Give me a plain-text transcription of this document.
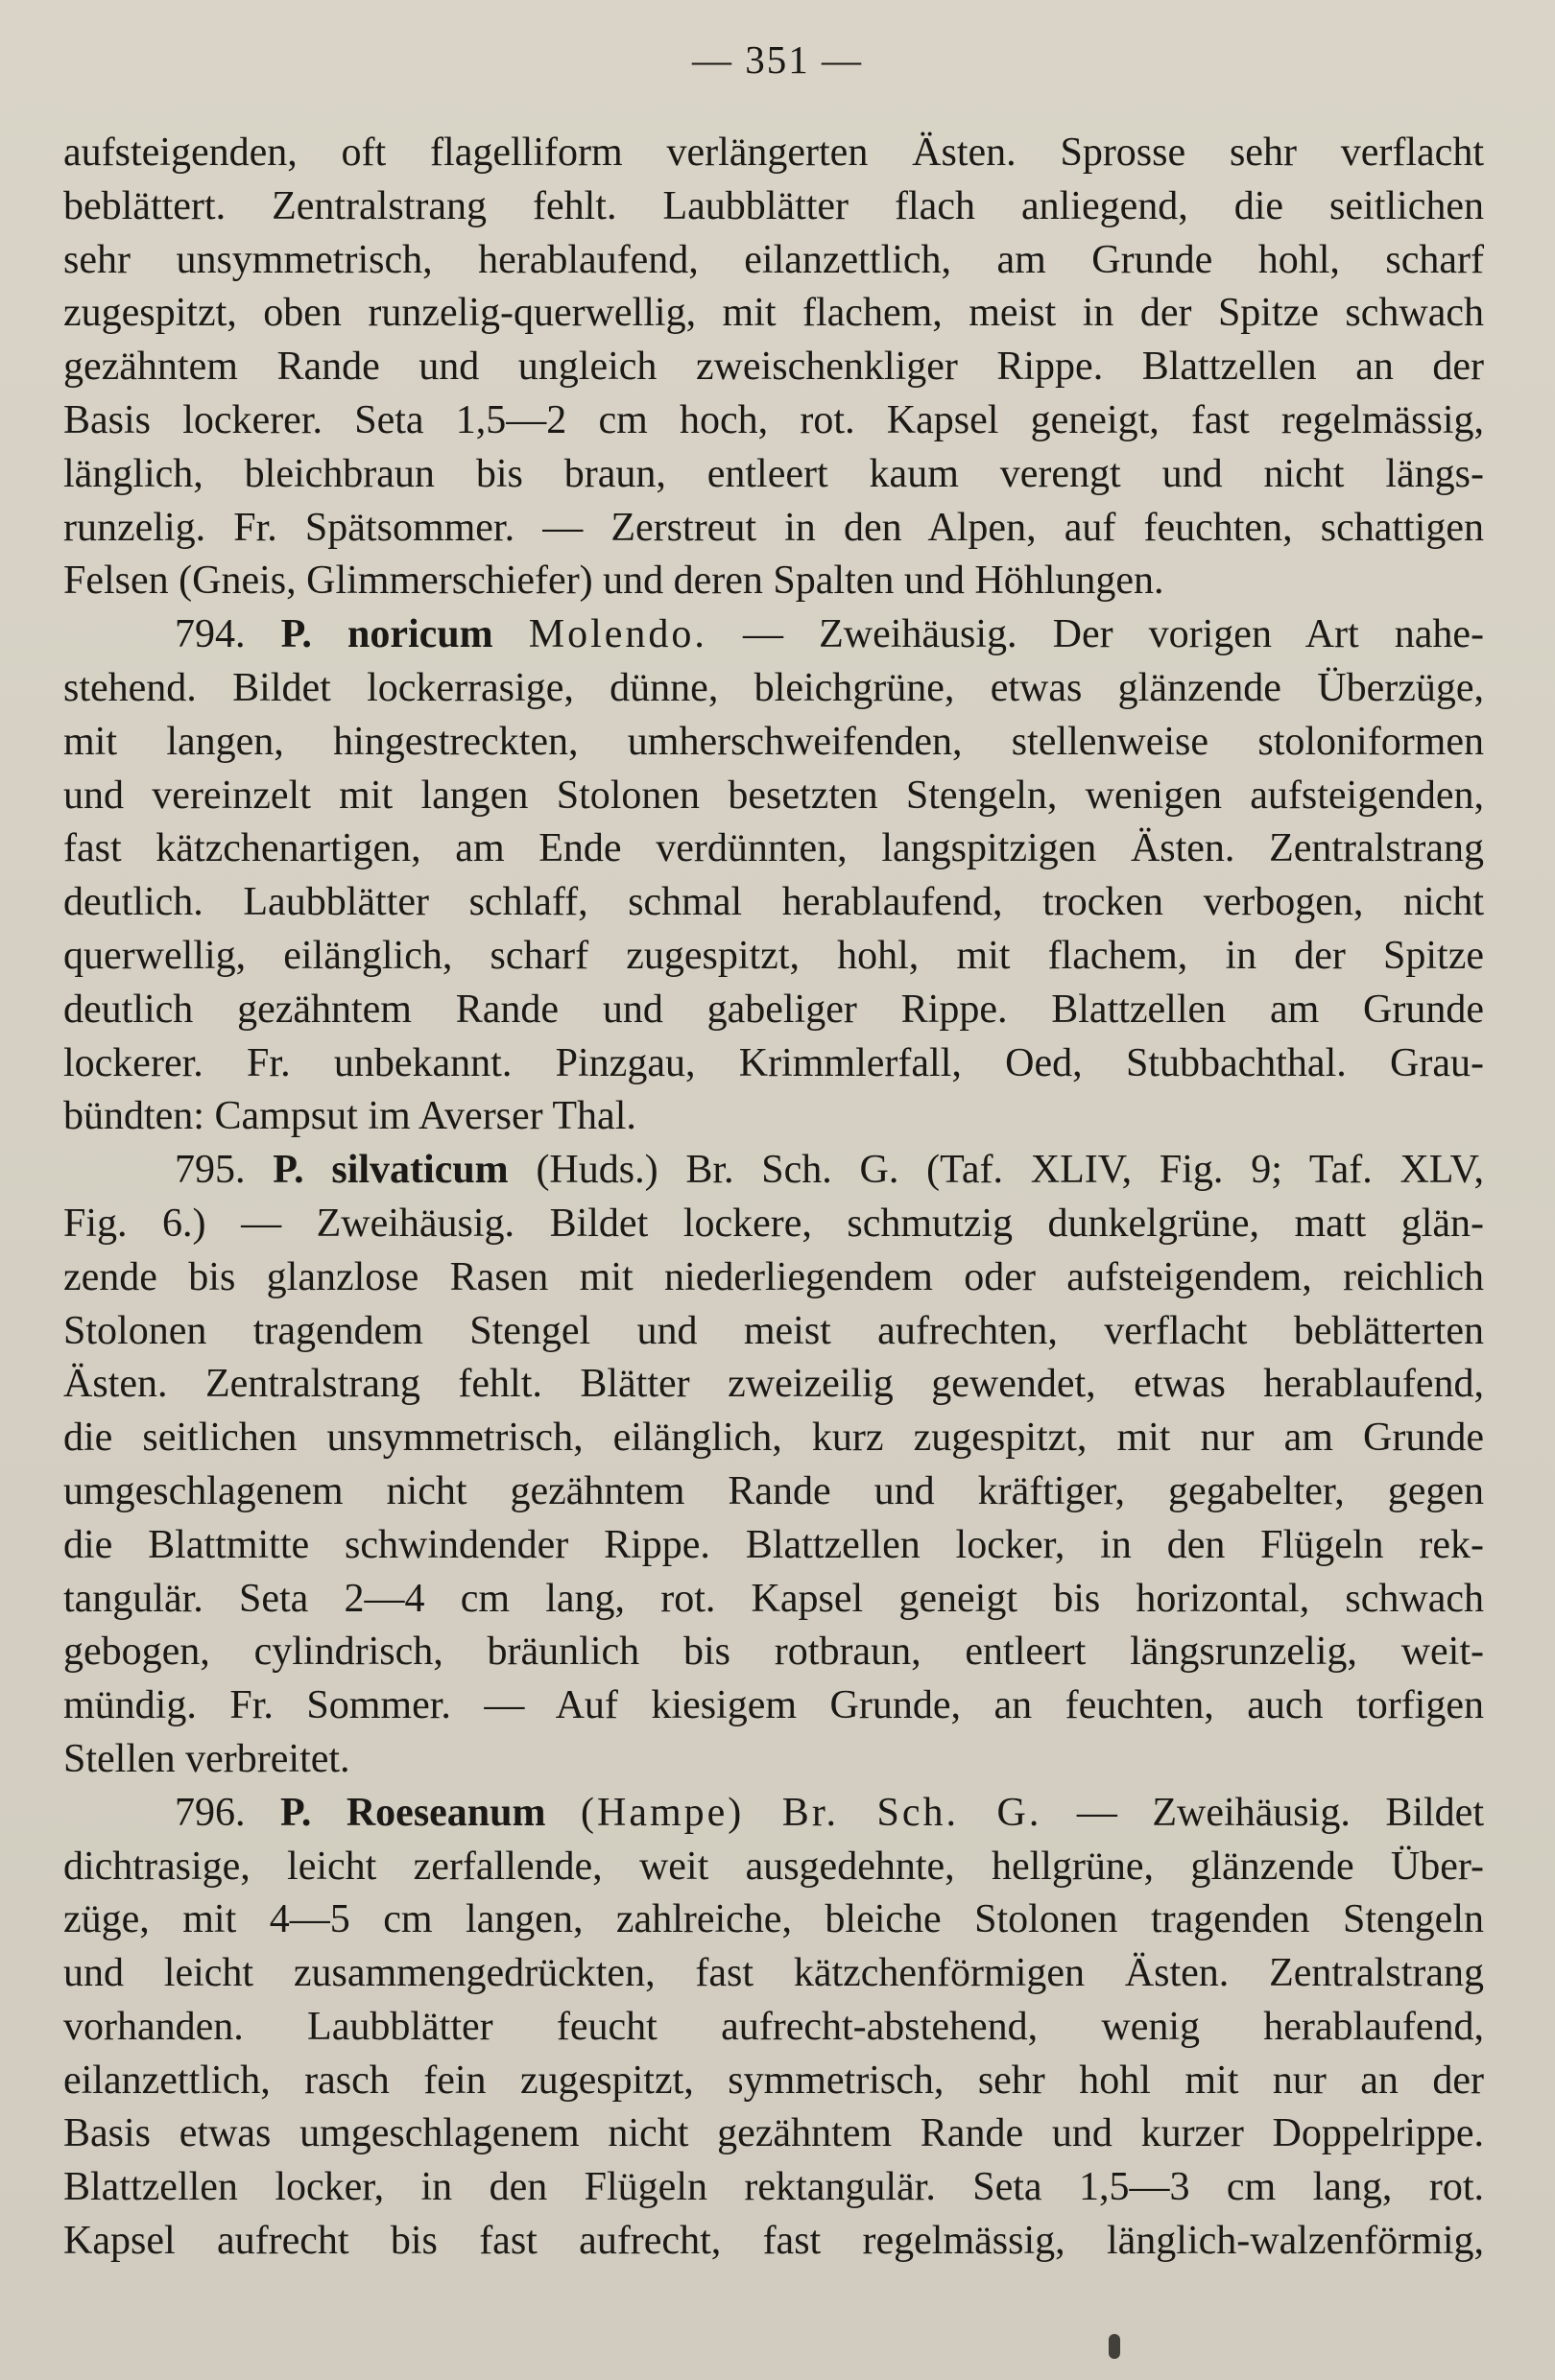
— 351 —
aufsteigenden, oft flagelliform verlängerten Ästen. Sprosse sehr verflacht
beblättert. Zentralstrang fehlt. Laubblätter flach anliegend, die seitlichen
sehr unsymmetrisch, herablaufend, eilanzettlich, am Grunde hohl, scharf
zugespitzt, oben runzelig-querwellig, mit flachem, meist in der Spitze schwach
gezähntem Rande und ungleich zweischenkliger Rippe. Blattzellen an der
Basis lockerer. Seta 1,5—2 cm hoch, rot. Kapsel geneigt, fast regelmässig,
länglich, bleichbraun bis braun, entleert kaum verengt und nicht längs-
runzelig. Fr. Spätsommer. — Zerstreut in den Alpen, auf feuchten, schattigen
Felsen (Gneis, Glimmerschiefer) und deren Spalten und Höhlungen.
794. P. noricum Molendo. — Zweihäusig. Der vorigen Art nahe-
stehend. Bildet lockerrasige, dünne, bleichgrüne, etwas glänzende Überzüge,
mit langen, hingestreckten, umherschweifenden, stellenweise stoloniformen
und vereinzelt mit langen Stolonen besetzten Stengeln, wenigen aufsteigenden,
fast kätzchenartigen, am Ende verdünnten, langspitzigen Ästen. Zentralstrang
deutlich. Laubblätter schlaff, schmal herablaufend, trocken verbogen, nicht
querwellig, eilänglich, scharf zugespitzt, hohl, mit flachem, in der Spitze
deutlich gezähntem Rande und gabeliger Rippe. Blattzellen am Grunde
lockerer. Fr. unbekannt. Pinzgau, Krimmlerfall, Oed, Stubbachthal. Grau-
bündten: Campsut im Averser Thal.
795. P. silvaticum (Huds.) Br. Sch. G. (Taf. XLIV, Fig. 9; Taf. XLV,
Fig. 6.) — Zweihäusig. Bildet lockere, schmutzig dunkelgrüne, matt glän-
zende bis glanzlose Rasen mit niederliegendem oder aufsteigendem, reichlich
Stolonen tragendem Stengel und meist aufrechten, verflacht beblätterten
Ästen. Zentralstrang fehlt. Blätter zweizeilig gewendet, etwas herablaufend,
die seitlichen unsymmetrisch, eilänglich, kurz zugespitzt, mit nur am Grunde
umgeschlagenem nicht gezähntem Rande und kräftiger, gegabelter, gegen
die Blattmitte schwindender Rippe. Blattzellen locker, in den Flügeln rek-
tangulär. Seta 2—4 cm lang, rot. Kapsel geneigt bis horizontal, schwach
gebogen, cylindrisch, bräunlich bis rotbraun, entleert längsrunzelig, weit-
mündig. Fr. Sommer. — Auf kiesigem Grunde, an feuchten, auch torfigen
Stellen verbreitet.
796. P. Roeseanum (Hampe) Br. Sch. G. — Zweihäusig. Bildet
dichtrasige, leicht zerfallende, weit ausgedehnte, hellgrüne, glänzende Über-
züge, mit 4—5 cm langen, zahlreiche, bleiche Stolonen tragenden Stengeln
und leicht zusammengedrückten, fast kätzchenförmigen Ästen. Zentralstrang
vorhanden. Laubblätter feucht aufrecht-abstehend, wenig herablaufend,
eilanzettlich, rasch fein zugespitzt, symmetrisch, sehr hohl mit nur an der
Basis etwas umgeschlagenem nicht gezähntem Rande und kurzer Doppelrippe.
Blattzellen locker, in den Flügeln rektangulär. Seta 1,5—3 cm lang, rot.
Kapsel aufrecht bis fast aufrecht, fast regelmässig, länglich-walzenförmig,
